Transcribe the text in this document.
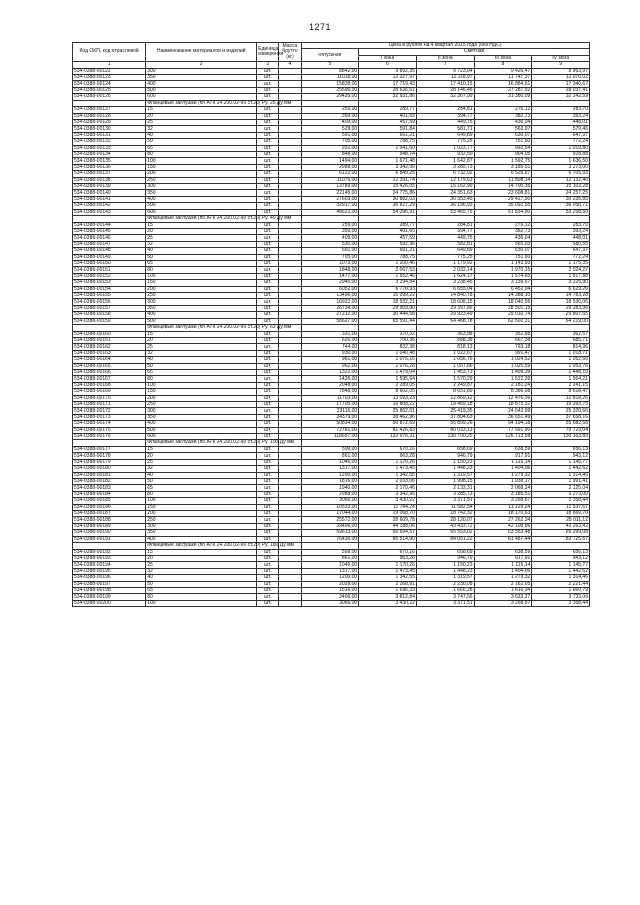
1271
Код ОКП, код отраслевой	Наименование материалов и изделий	Единица измерения	Масса брутто (кг)	Цена в рублях на 4 квартал 2015 года (без НДС)				
				отпускная	Сметная			
					I зона	II зона	III зона	IV зона
1	2	3	4	5	6	7	8	9
534-0388-00122	300	шт.		8842,00	9 892,35	9 723,04	9 426,47	8 963,97
534-0388-00123	350	шт.		11018,00	12 327,97	12 118,97	11 747,37	12 070,02
534-0388-00124	400	шт.		15838,00	17 719,43	17 410,15	16 884,61	17 346,67
534-0388-00125	500	шт.		25596,00	28 636,61	28 146,46	27 287,92	28 037,41
534-0388-00126	600	шт.		29435,00	32 931,86	32 367,99	31 380,09	32 242,59
	Фланцевые заглушки (по АТК 24.200.02-90 ст.20) Ру. 25 Ду мм							
534-0388-00127	15	шт.		259,00	289,77	284,81	276,12	283,70
534-0388-00128	20	шт.		359,00	401,65	394,77	382,73	393,24
534-0388-00129	25	шт.		409,00	457,59	449,75	436,04	448,01
534-0388-00130	32	шт.		529,00	591,84	581,71	563,97	579,46
534-0388-00131	40	шт.		591,00	661,21	649,89	630,07	647,37
534-0388-00132	50	шт.		705,00	788,75	775,25	751,60	772,24
534-0388-00133	65	шт.		931,00	1 041,60	1 023,77	992,54	1 019,80
534-0388-00134	80	шт.		848,00	948,74	932,50	904,05	928,88
534-0388-00135	100	шт.		1494,00	1 671,48	1 642,87	1 592,75	1 636,50
534-0388-00136	150	шт.		2988,00	3 342,95	3 285,73	3 185,51	3 273,00
534-0388-00137	200	шт.		6122,00	6 849,25	6 732,02	6 526,67	6 705,93
534-0388-00138	250	шт.		11076,00	12 391,74	12 179,63	11 808,14	12 132,46
534-0388-00139	300	шт.		13789,00	15 426,05	15 162,99	14 700,35	15 103,28
534-0388-00140	350	шт.		22145,00	24 775,86	24 351,63	23 608,81	24 257,25
534-0388-00141	400	шт.		27603,00	30 882,03	30 353,45	29 427,50	30 235,85
534-0388-00142	500	шт.		32917,00	36 827,29	36 196,93	35 092,55	36 056,71
534-0388-00143	600	шт.		48621,00	54 396,91	53 465,75	51 834,90	53 258,60
	Фланцевые заглушки (по АТК 24.200.02-90 ст.20) Ру. 40 Ду мм							
534-0388-00144	15	шт.		259,00	289,77	284,81	276,12	283,70
534-0388-00145	20	шт.		359,00	401,65	394,77	382,73	393,24
534-0388-00146	25	шт.		409,00	457,59	449,75	436,04	448,01
534-0388-00147	32	шт.		530,00	592,96	582,81	565,03	580,55
534-0388-00148	40	шт.		591,00	661,21	649,89	630,07	647,37
534-0388-00149	50	шт.		705,00	788,75	775,25	751,60	772,24
534-0388-00150	65	шт.		1073,00	1 200,46	1 179,92	1 143,93	1 175,35
534-0388-00151	80	шт.		1848,00	2 067,53	2 032,14	1 970,15	2 024,27
534-0388-00152	100	шт.		1477,00	1 652,46	1 624,17	1 574,65	1 617,88
534-0388-00153	150	шт.		2945,00	3 294,84	3 238,45	3 139,67	3 225,90
534-0388-00154	200	шт.		6052,00	6 770,93	6 655,04	6 452,04	6 629,26
534-0388-00155	250	шт.		13496,00	15 099,22	14 840,78	14 388,10	14 783,28
534-0388-00156	300	шт.		16922,00	18 932,21	18 608,15	18 040,56	18 536,06
534-0388-00157	350	шт.		26734,00	29 909,80	29 397,86	28 501,15	29 283,96
534-0388-00158	400	шт.		27212,00	30 444,58	29 923,49	29 010,74	29 807,55
534-0388-00159	500	шт.		58627,00	65 591,44	64 468,78	62 502,31	64 219,00
	Фланцевые заглушки (по АТК 24.200.02-90 ст.20) Ру. 63 Ду мм							
534-0388-00160	15	шт.		331,00	370,32	363,98	352,88	362,57
534-0388-00161	20	шт.		626,00	700,36	688,38	667,38	685,71
534-0388-00162	25	шт.		744,00	832,38	818,13	793,18	814,96
534-0388-00163	32	шт.		930,00	1 040,48	1 022,67	991,47	1 018,71
534-0388-00164	40	шт.		961,00	1 075,16	1 056,76	1 024,52	1 052,66
534-0388-00165	50	шт.		962,00	1 076,28	1 057,86	1 025,59	1 053,76
534-0388-00166	65	шт.		1322,00	1 479,04	1 453,73	1 409,39	1 448,10
534-0388-00167	80	шт.		1426,00	1 595,64	1 570,29	1 522,39	1 564,21
534-0388-00168	100	шт.		2048,00	2 289,05	2 249,87	2 181,24	2 241,15
534-0388-00169	150	шт.		7848,00	8 602,05	8 651,89	8 366,08	8 618,47
534-0388-00170	200	шт.		11703,00	13 093,23	12 869,12	12 476,56	12 818,26
534-0388-00171	250	шт.		17705,00	19 808,22	19 469,18	18 875,32	19 393,75
534-0388-00172	300	шт.		23116,00	25 862,01	25 419,35	24 643,99	25 320,66
534-0388-00173	350	шт.		34379,00	38 462,96	37 804,63	36 651,49	37 658,16
534-0388-00174	400	шт.		50834,00	56 872,69	55 899,26	54 194,18	55 682,68
534-0388-00175	500	шт.		72781,00	81 426,83	80 033,13	77 591,90	79 723,04
534-0388-00176	600	шт.		118657,00	132 976,31	130 700,25	126 713,58	130 163,89
	Фланцевые заглушки (по АТК 24.200.02-90 ст.20) Ру. 100 Ду мм							
534-0388-00177	15	шт.		599,00	670,16	658,69	638,59	656,13
534-0388-00178	20	шт.		861,00	963,28	946,79	917,91	943,12
534-0388-00179	25	шт.		1046,00	1 170,26	1 150,23	1 115,14	1 145,77
534-0388-00180	32	шт.		1317,00	1 473,45	1 448,23	1 404,06	1 442,62
534-0388-00181	40	шт.		1200,00	1 342,55	1 319,57	1 279,32	1 314,46
534-0388-00182	50	шт.		1816,00	2 033,06	1 998,15	1 938,17	1 991,41
534-0388-00183	65	шт.		1940,00	2 170,46	2 133,31	2 068,24	2 125,04
534-0388-00184	80	шт.		2988,00	3 342,95	3 285,73	3 185,51	3 273,00
534-0388-00185	100	шт.		3066,00	3 430,22	3 371,51	3 268,67	3 358,44
534-0388-00186	150	шт.		10533,00	11 784,24	11 582,54	11 229,24	11 537,67
534-0388-00187	200	шт.		17044,00	19 068,70	18 742,32	18 170,63	18 669,70
534-0388-00188	250	шт.		25572,00	28 609,78	28 120,07	27 262,34	28 011,12
534-0388-00189	300	шт.		39496,00	44 188,06	43 433,72	42 108,86	43 263,42
534-0388-00190	350	шт.		59613,00	66 694,57	65 553,02	63 553,48	65 299,08
534-0388-00191	400	шт.		76436,00	85 514,90	84 051,22	81 487,44	83 725,67
	Фланцевые заглушки (по АТК 24.200.02-90 ст.20) Ру. 160 Ду мм							
534-0388-00192	15	шт.		599,00	670,16	658,69	638,59	656,13
534-0388-00193	20	шт.		861,00	963,28	946,79	917,91	943,12
534-0388-00194	25	шт.		1046,00	1 170,26	1 150,23	1 115,14	1 145,77
534-0388-00195	32	шт.		1317,00	1 473,45	1 448,23	1 404,06	1 442,62
534-0388-00196	40	шт.		1200,00	1 342,55	1 319,57	1 279,32	1 314,46
534-0388-00197	50	шт.		2028,00	2 268,91	2 230,08	2 162,05	2 221,44
534-0388-00198	65	шт.		1516,00	1 696,33	1 666,28	1 616,34	1 660,79
534-0388-00199	80	шт.		3406,00	3 812,84	3 747,56	3 633,27	3 733,06
534-0388-00200	100	шт.		3066,00	3 430,22	3 371,51	3 268,67	3 358,44
